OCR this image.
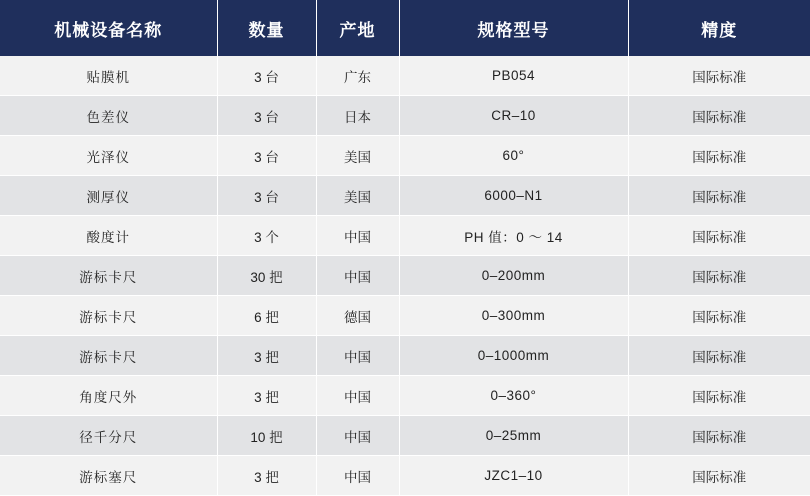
机械设备名称	数量	产地	规格型号	精度
贴膜机	3 台	广东	PB054	国际标准
色差仪	3 台	日本	CR–10	国际标准
光泽仪	3 台	美国	60°	国际标准
测厚仪	3 台	美国	6000–N1	国际标准
酸度计	3 个	中国	PH 值：0 ～ 14	国际标准
游标卡尺	30 把	中国	0–200mm	国际标准
游标卡尺	6 把	德国	0–300mm	国际标准
游标卡尺	3 把	中国	0–1000mm	国际标准
角度尺外	3 把	中国	0–360°	国际标准
径千分尺	10 把	中国	0–25mm	国际标准
游标塞尺	3 把	中国	JZC1–10	国际标准
